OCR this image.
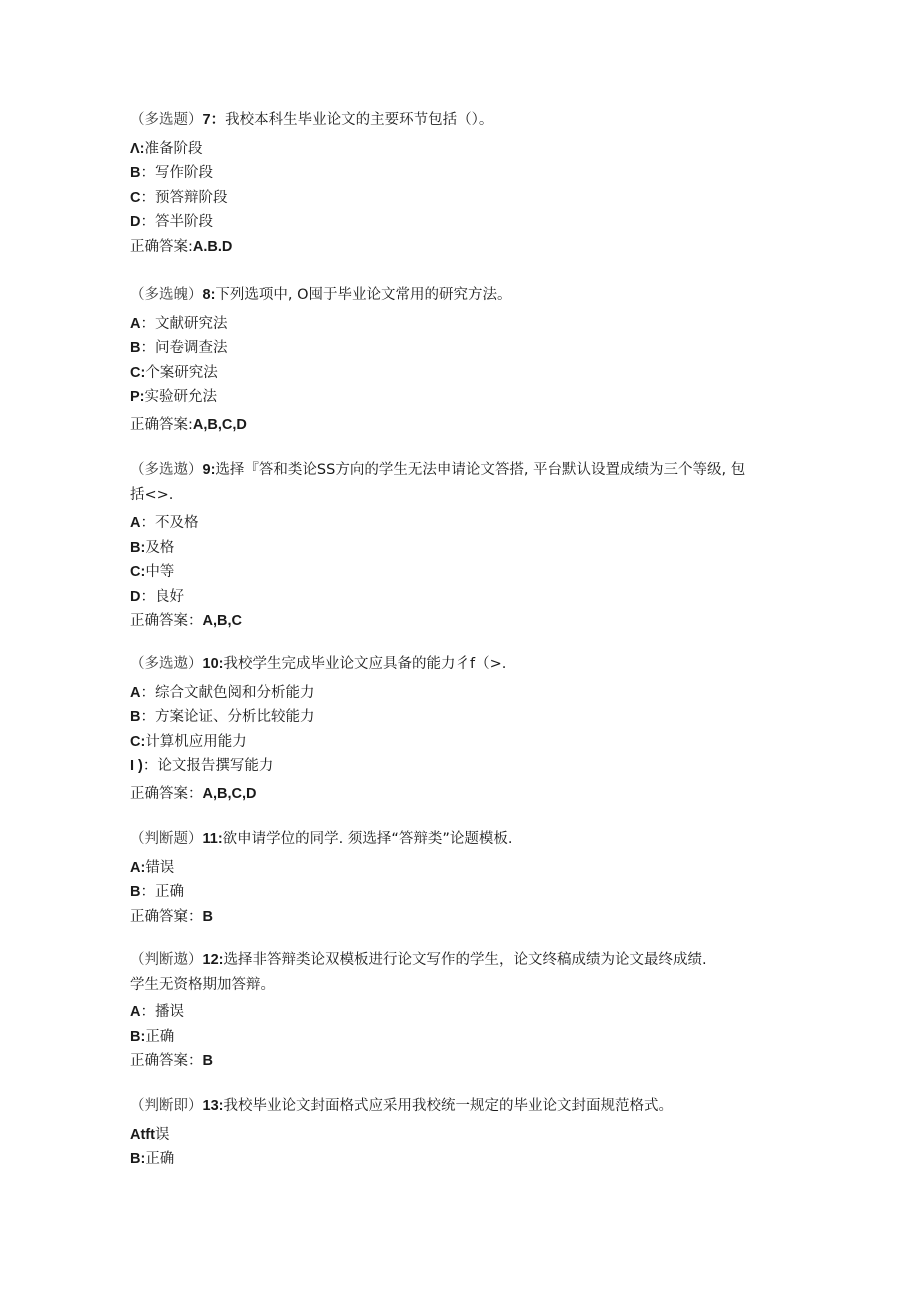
（多选题）7：我校本科生毕业论文的主要环节包括（）。
Λ:准备阶段
B：写作阶段
C：预答辩阶段
D：答半阶段
正确答案:A.B.D
（多选魄）8:下列选项中, O囤于毕业论文常用的研究方法。
A：文献研究法
B：问卷调查法
C:个案研究法
P:实验研允法
正确答案:A,B,C,D
（多选遨）9:选择『答和类论SS方向的学生无法申请论文答搭, 平台默认设置成绩为三个等级, 包
括<>.
A：不及格
B:及格
C:中等
D：良好
正确答案：A,B,C
（多选遨）10:我校学生完成毕业论文应具备的能力彳f（>.
A：综合文献色阅和分析能力
B：方案论证、分析比较能力
C:计算机应用能力
I )：论文报告撰写能力
正确答案：A,B,C,D
（判断题）11:欲申请学位的同学. 须选择“答辩类”论题模板.
A:错误
B：正确
正确答窠：B
（判断遨）12:选择非答辩类论双模板进行论文写作的学生，论文终稿成绩为论文最终成绩.
学生无资格期加答辩。
A：播误
B:正确
正确答案：B
（判断即）13:我校毕业论文封面格式应采用我校统一规定的毕业论文封面规范格式。
Atft误
B:正确
